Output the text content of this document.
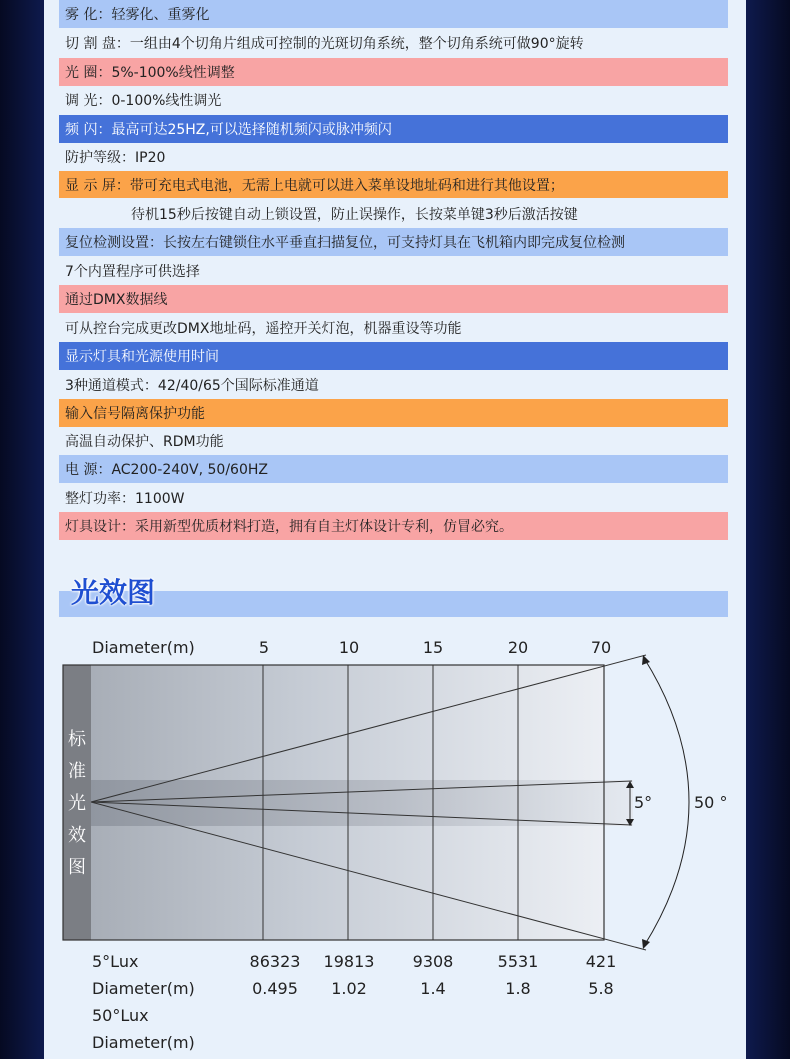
雾 化：轻雾化、重雾化
切 割 盘：一组由4个切角片组成可控制的光斑切角系统，整个切角系统可做90°旋转
光 圈：5%-100%线性调整
调 光：0-100%线性调光
频 闪：最高可达25HZ,可以选择随机频闪或脉冲频闪
防护等级：IP20
显 示 屏：带可充电式电池，无需上电就可以进入菜单设地址码和进行其他设置；
待机15秒后按键自动上锁设置，防止误操作，长按菜单键3秒后激活按键
复位检测设置：长按左右键锁住水平垂直扫描复位，可支持灯具在飞机箱内即完成复位检测
7个内置程序可供选择
通过DMX数据线
可从控台完成更改DMX地址码，遥控开关灯泡，机器重设等功能
显示灯具和光源使用时间
3种通道模式：42/40/65个国际标准通道
输入信号隔离保护功能
高温自动保护、RDM功能
电 源：AC200-240V, 50/60HZ
整灯功率：1100W
灯具设计：采用新型优质材料打造，拥有自主灯体设计专利，仿冒必究。
光效图
5°	50 °
Diameter(m)	5	10	15	20	70
标
准
光
效
图
5°Lux	86323 19813 9308	5531	421
Diameter(m)	0.495 1.02	1.4	1.8	5.8
50°Lux
Diameter(m)
